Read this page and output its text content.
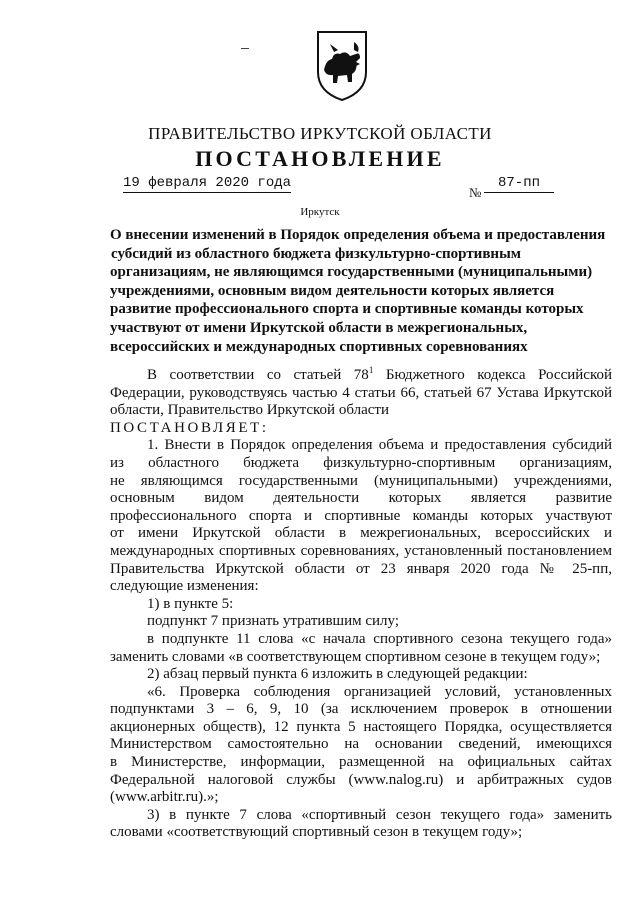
ПРАВИТЕЛЬСТВО ИРКУТСКОЙ ОБЛАСТИ
ПОСТАНОВЛЕНИЕ
19 февраля 2020 года
№
87-пп
Иркутск
О внесении изменений в Порядок определения объема и предоставления
субсидий из областного бюджета физкультурно-спортивным
организациям, не являющимся государственными (муниципальными)
учреждениями, основным видом деятельности которых является
развитие профессионального спорта и спортивные команды которых
участвуют от имени Иркутской области в межрегиональных,
всероссийских и международных спортивных соревнованиях
В соответствии со статьей $78^1$ Бюджетного кодекса Российской
Федерации, руководствуясь частью 4 статьи 66, статьей 67 Устава Иркутской
области, Правительство Иркутской области
ПОСТАНОВЛЯЕТ:
1. Внести в Порядок определения объема и предоставления субсидий
из областного бюджета физкультурно-спортивным организациям,
не являющимся государственными (муниципальными) учреждениями,
основным видом деятельности которых является развитие
профессионального спорта и спортивные команды которых участвуют
от имени Иркутской области в межрегиональных, всероссийских и
международных спортивных соревнованиях, установленный постановлением
Правительства Иркутской области от 23 января 2020 года № 25-пп,
следующие изменения:
1) в пункте 5:
подпункт 7 признать утратившим силу;
в подпункте 11 слова «с начала спортивного сезона текущего года»
заменить словами «в соответствующем спортивном сезоне в текущем году»;
2) абзац первый пункта 6 изложить в следующей редакции:
«6. Проверка соблюдения организацией условий, установленных
подпунктами 3 – 6, 9, 10 (за исключением проверок в отношении
акционерных обществ), 12 пункта 5 настоящего Порядка, осуществляется
Министерством самостоятельно на основании сведений, имеющихся
в Министерстве, информации, размещенной на официальных сайтах
Федеральной налоговой службы (www.nalog.ru) и арбитражных судов
(www.arbitr.ru).»;
3) в пункте 7 слова «спортивный сезон текущего года» заменить
словами «соответствующий спортивный сезон в текущем году»;
